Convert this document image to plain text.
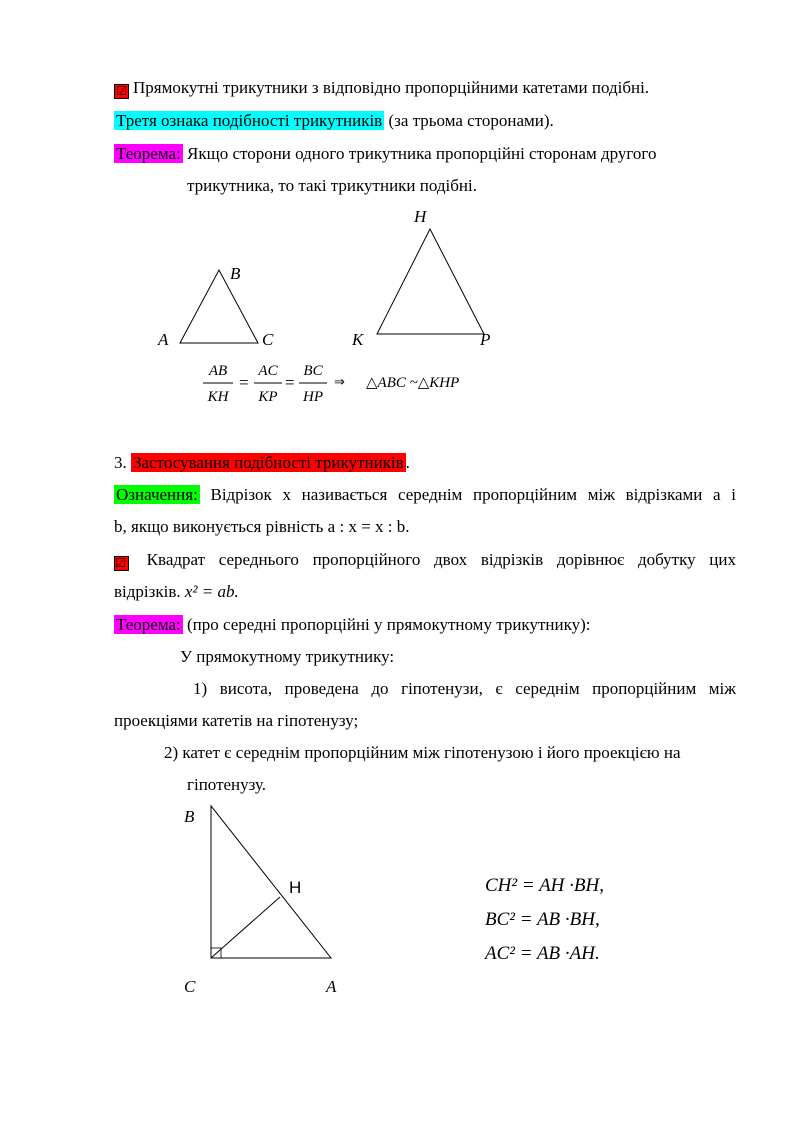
☑ Прямокутні трикутники з відповідно пропорційними катетами подібні.
Третя ознака подібності трикутників (за трьома сторонами).
Теорема: Якщо сторони одного трикутника пропорційні сторонам другого
трикутника, то такі трикутники подібні.
B
A	C
H
K	P
AB
KH
=
AC
KP
=
BC
HP
⇒ △ABC ~△KHP
3. Застосування подібності трикутників .
Означення: Відрізок x називається середнім пропорційним між відрізками a і
b, якщо виконується рівність a : x = x : b.
☑ Квадрат середнього пропорційного двох відрізків дорівнює добутку цих
відрізків. x² = ab.
Теорема: (про середні пропорційні у прямокутному трикутнику):
У прямокутному трикутнику:
1) висота, проведена до гіпотенузи, є середнім пропорційним між
проекціями катетів на гіпотенузу;
2) катет є середнім пропорційним між гіпотенузою і його проекцією на
гіпотенузу.
B
H
C	A
CH² = AH ·BH,
BC² = AB ·BH,
AC² = AB ·AH.
